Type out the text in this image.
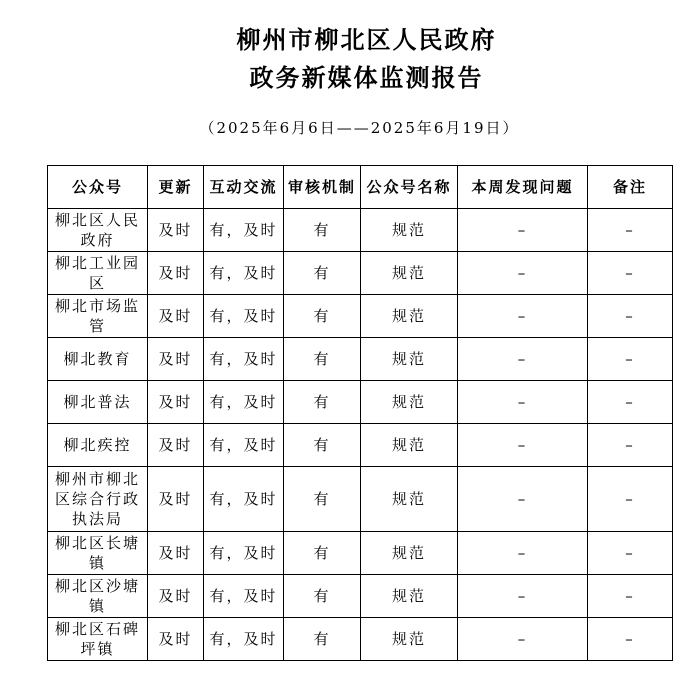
柳州市柳北区人民政府
政务新媒体监测报告
（2025年6月6日——2025年6月19日）
公众号	更新	互动交流	审核机制	公众号名称	本周发现问题	备注
柳北区人民政府	及时	有，及时	有	规范	–	–
柳北工业园区	及时	有，及时	有	规范	–	–
柳北市场监管	及时	有，及时	有	规范	–	–
柳北教育	及时	有，及时	有	规范	–	–
柳北普法	及时	有，及时	有	规范	–	–
柳北疾控	及时	有，及时	有	规范	–	–
柳州市柳北区综合行政执法局	及时	有，及时	有	规范	–	–
柳北区长塘镇	及时	有，及时	有	规范	–	–
柳北区沙塘镇	及时	有，及时	有	规范	–	–
柳北区石碑坪镇	及时	有，及时	有	规范	–	–
